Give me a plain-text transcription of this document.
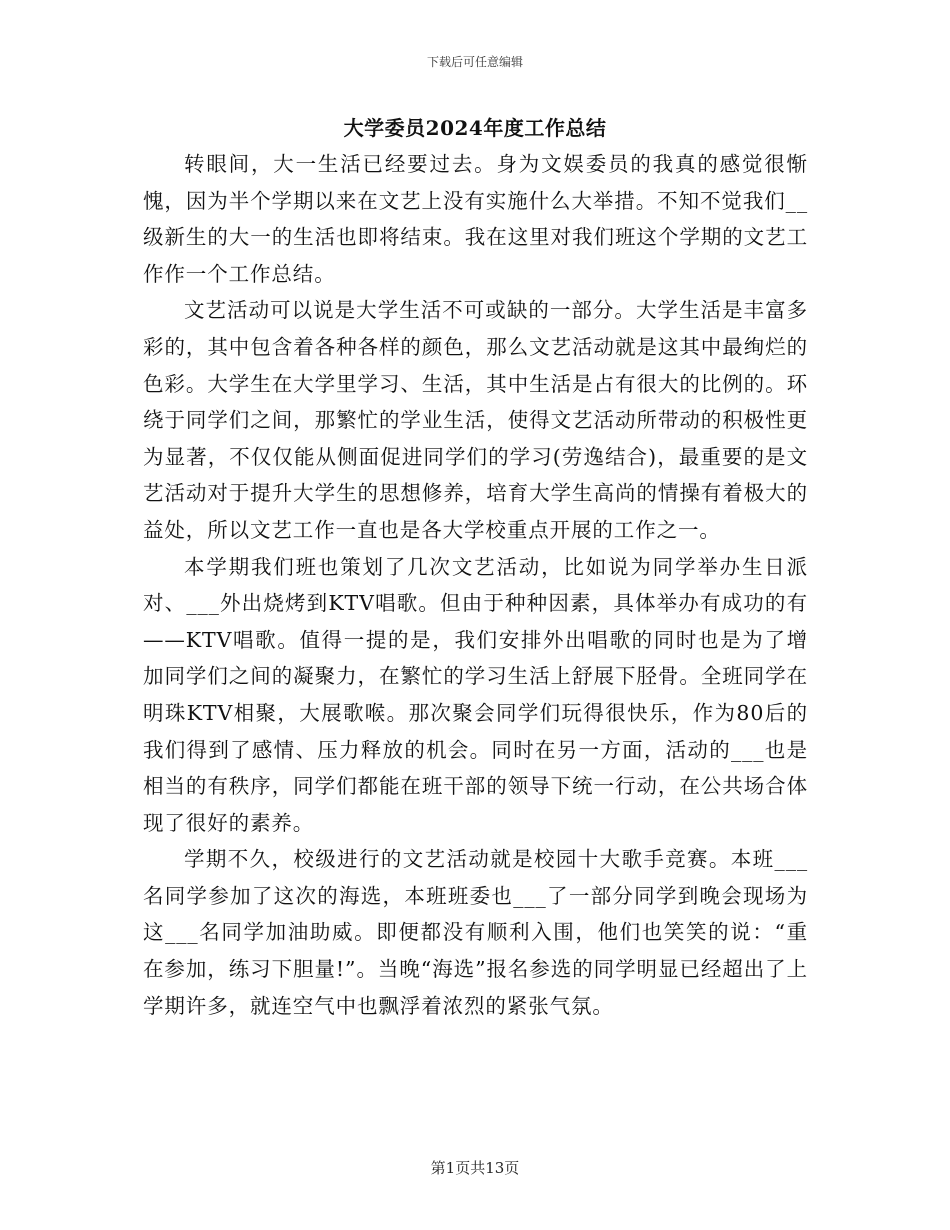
下载后可任意编辑
大学委员2024年度工作总结

转眼间，大一生活已经要过去。身为文娱委员的我真的感觉很惭愧，因为半个学期以来在文艺上没有实施什么大举措。不知不觉我们__级新生的大一的生活也即将结束。我在这里对我们班这个学期的文艺工作作一个工作总结。

文艺活动可以说是大学生活不可或缺的一部分。大学生活是丰富多彩的，其中包含着各种各样的颜色，那么文艺活动就是这其中最绚烂的色彩。大学生在大学里学习、生活，其中生活是占有很大的比例的。环绕于同学们之间，那繁忙的学业生活，使得文艺活动所带动的积极性更为显著，不仅仅能从侧面促进同学们的学习(劳逸结合)，最重要的是文艺活动对于提升大学生的思想修养，培育大学生高尚的情操有着极大的益处，所以文艺工作一直也是各大学校重点开展的工作之一。

本学期我们班也策划了几次文艺活动，比如说为同学举办生日派对、___外出烧烤到KTV唱歌。但由于种种因素，具体举办有成功的有——KTV唱歌。值得一提的是，我们安排外出唱歌的同时也是为了增加同学们之间的凝聚力，在繁忙的学习生活上舒展下胫骨。全班同学在明珠KTV相聚，大展歌喉。那次聚会同学们玩得很快乐，作为80后的我们得到了感情、压力释放的机会。同时在另一方面，活动的___也是相当的有秩序，同学们都能在班干部的领导下统一行动，在公共场合体现了很好的素养。

学期不久，校级进行的文艺活动就是校园十大歌手竞赛。本班___名同学参加了这次的海选，本班班委也___了一部分同学到晚会现场为这___名同学加油助威。即便都没有顺利入围，他们也笑笑的说：“重在参加，练习下胆量!”。当晚“海选”报名参选的同学明显已经超出了上学期许多，就连空气中也飘浮着浓烈的紧张气氛。

第1页共13页
